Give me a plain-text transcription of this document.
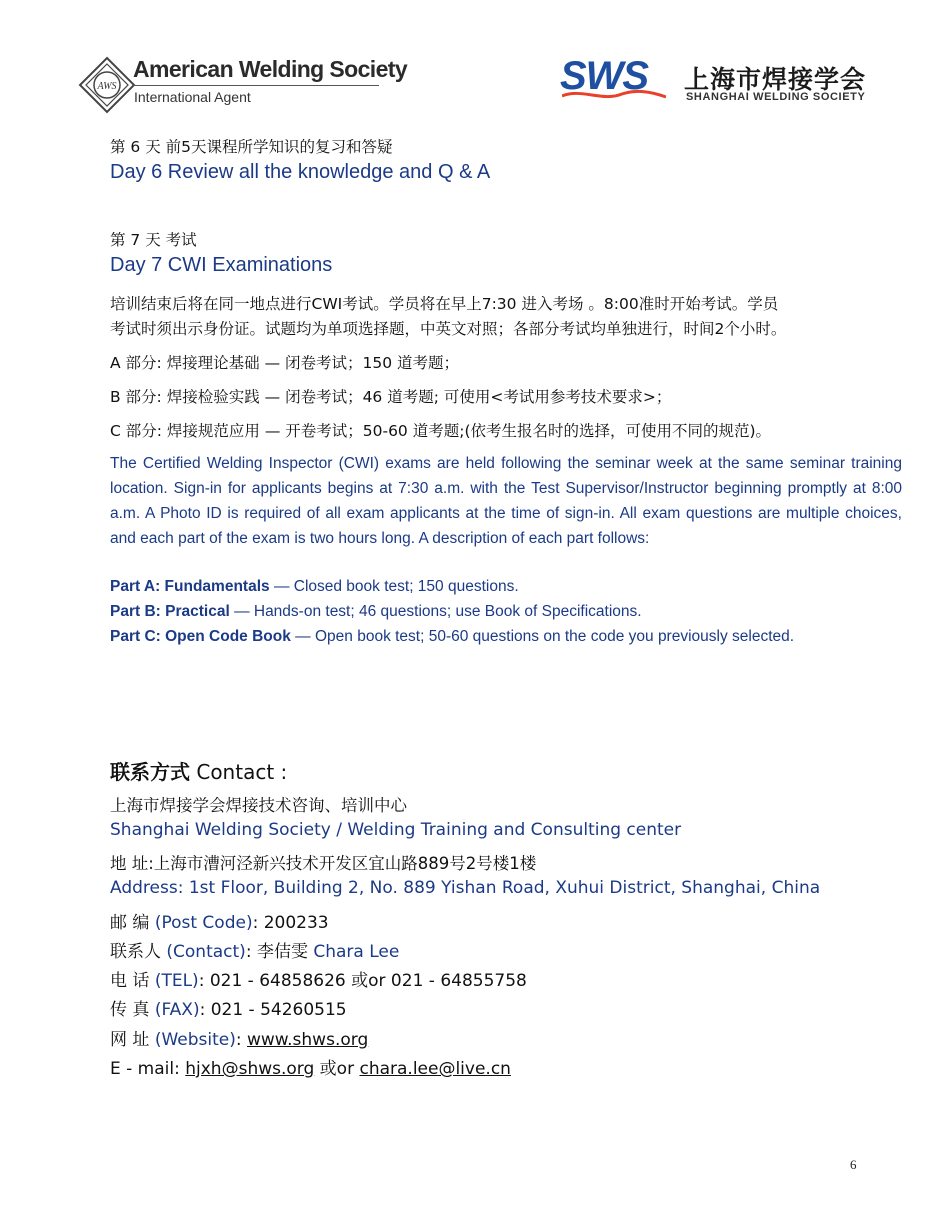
AWS
American Welding Society
International Agent	SWS 上海市焊接学会
SHANGHAI WELDING SOCIETY
第 6 天 前5天课程所学知识的复习和答疑
Day 6 Review all the knowledge and Q & A
第 7 天 考试
Day 7 CWI Examinations
培训结束后将在同一地点进行CWI考试。学员将在早上7:30 进入考场 。8:00准时开始考试。学员
考试时须出示身份证。试题均为单项选择题，中英文对照；各部分考试均单独进行，时间2个小时。
A 部分: 焊接理论基础 — 闭卷考试；150 道考题；
B 部分: 焊接检验实践 — 闭卷考试；46 道考题; 可使用<考试用参考技术要求>；
C 部分: 焊接规范应用 — 开卷考试；50-60 道考题;(依考生报名时的选择，可使用不同的规范)。
The Certified Welding Inspector (CWI) exams are held following the seminar week at the same seminar training location. Sign-in for applicants begins at 7:30 a.m. with the Test Supervisor/Instructor beginning promptly at 8:00 a.m. A Photo ID is required of all exam applicants at the time of sign-in. All exam questions are multiple choices, and each part of the exam is two hours long. A description of each part follows:
Part A: Fundamentals — Closed book test; 150 questions.
Part B: Practical — Hands-on test; 46 questions; use Book of Specifications.
Part C: Open Code Book — Open book test; 50-60 questions on the code you previously selected.
联系方式 Contact :
上海市焊接学会焊接技术咨询、培训中心
Shanghai Welding Society / Welding Training and Consulting center
地 址:上海市漕河泾新兴技术开发区宜山路889号2号楼1楼
Address: 1st Floor, Building 2, No. 889 Yishan Road, Xuhui District, Shanghai, China
邮 编 (Post Code): 200233
联系人 (Contact): 李佶雯 Chara Lee
电 话 (TEL): 021 - 64858626 或or 021 - 64855758
传 真 (FAX): 021 - 54260515
网 址 (Website): www.shws.org
E - mail: hjxh@shws.org 或or chara.lee@live.cn
6
